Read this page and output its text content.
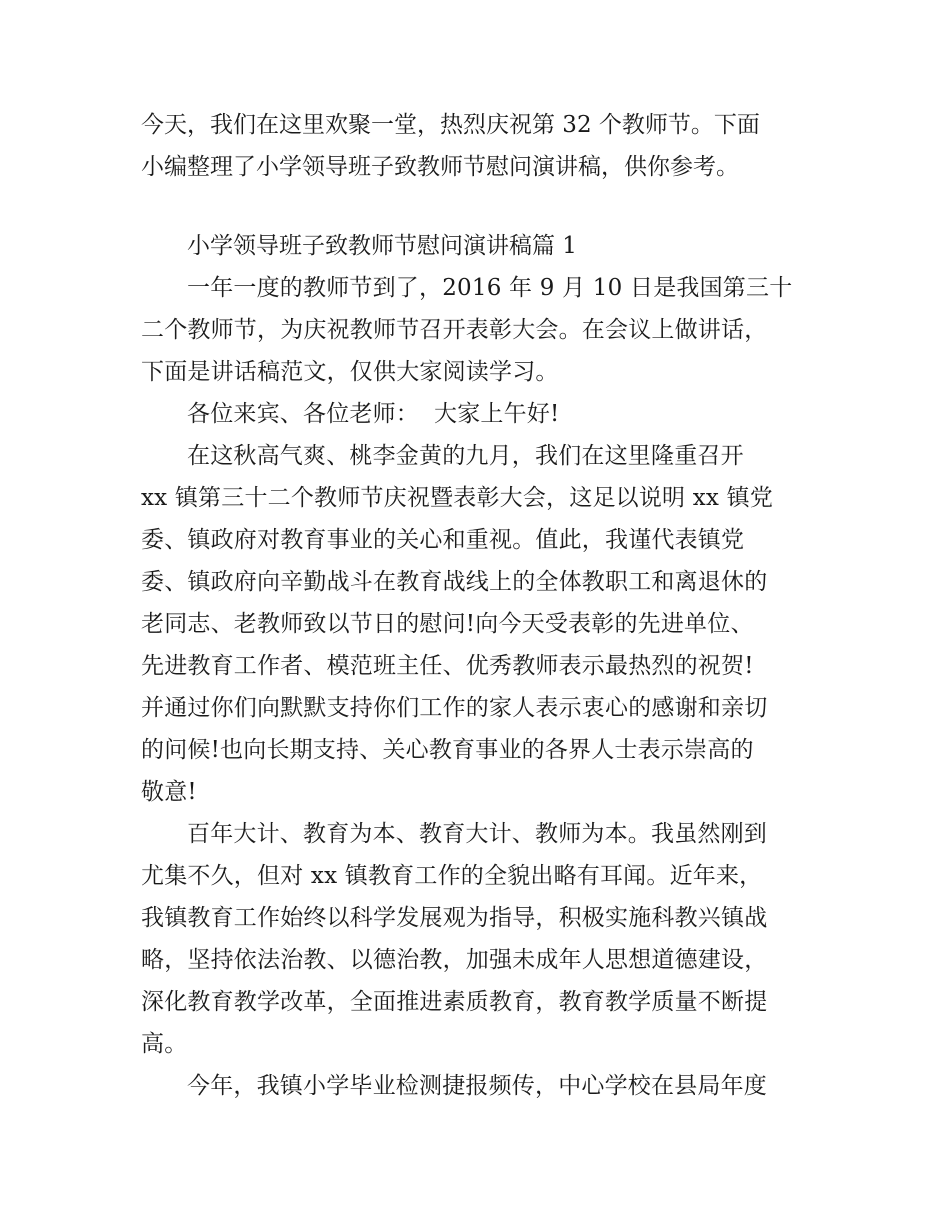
今天，我们在这里欢聚一堂，热烈庆祝第 32 个教师节。下面
小编整理了小学领导班子致教师节慰问演讲稿，供你参考。

小学领导班子致教师节慰问演讲稿篇 1

一年一度的教师节到了，2016 年 9 月 10 日是我国第三十
二个教师节，为庆祝教师节召开表彰大会。在会议上做讲话，
下面是讲话稿范文，仅供大家阅读学习。

各位来宾、各位老师：  大家上午好!

在这秋高气爽、桃李金黄的九月，我们在这里隆重召开
xx 镇第三十二个教师节庆祝暨表彰大会，这足以说明 xx 镇党
委、镇政府对教育事业的关心和重视。值此，我谨代表镇党
委、镇政府向辛勤战斗在教育战线上的全体教职工和离退休的
老同志、老教师致以节日的慰问!向今天受表彰的先进单位、
先进教育工作者、模范班主任、优秀教师表示最热烈的祝贺!
并通过你们向默默支持你们工作的家人表示衷心的感谢和亲切
的问候!也向长期支持、关心教育事业的各界人士表示崇高的
敬意!

百年大计、教育为本、教育大计、教师为本。我虽然刚到
尤集不久，但对 xx 镇教育工作的全貌出略有耳闻。近年来，
我镇教育工作始终以科学发展观为指导，积极实施科教兴镇战
略，坚持依法治教、以德治教，加强未成年人思想道德建设，
深化教育教学改革，全面推进素质教育，教育教学质量不断提
高。

今年，我镇小学毕业检测捷报频传，中心学校在县局年度
